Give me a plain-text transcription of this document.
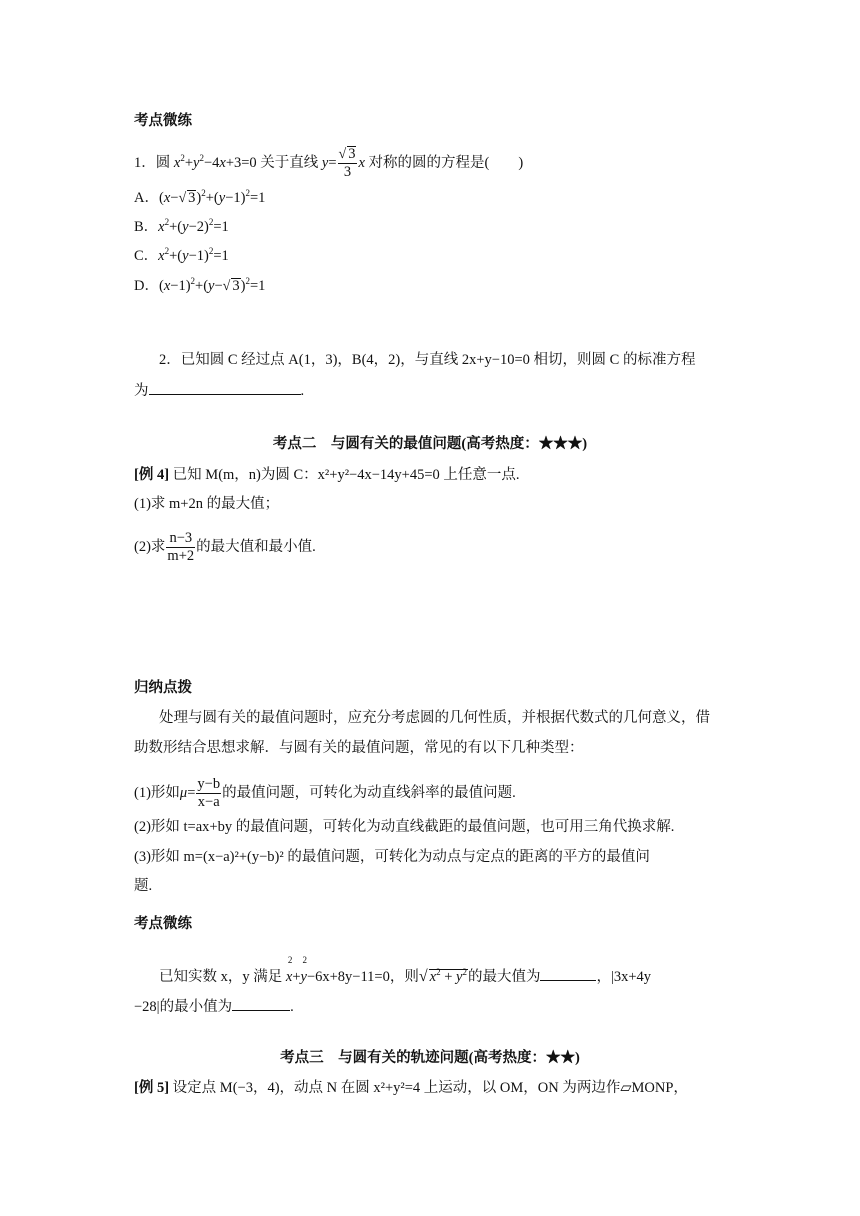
考点微练
1．圆 $x^2+y^2-4x+3=0$ 关于直线 $y= \frac{√ 3}{3}$ x 对称的圆的方程是(　　)
A．(x−√ $3)^2+(y-1)^2=1$
B．$x^2+(y-2)^2=1$
C．$x^2+(y-1)^2=1$
D．$(x-1)^2+(y-√$ 3)$^2$=1
2．已知圆 C 经过点 A(1，3)，B(4，2)，与直线 2x+y−10=0 相切，则圆 C 的标准方程
为	.
考点二　与圆有关的最值问题(高考热度：★★★)
[例 4] 已知 M(m，n)为圆 C：x²+y²−4x−14y+45=0 上任意一点.
(1)求 m+2n 的最大值；
(2)求 $\frac{n-3}{m+2}$ 的最大值和最小值.
归纳点拨
处理与圆有关的最值问题时，应充分考虑圆的几何性质，并根据代数式的几何意义，借
助数形结合思想求解．与圆有关的最值问题，常见的有以下几种类型：
(1)形如$\mu= \frac{y-b}{x-a}$ 的最值问题，可转化为动直线斜率的最值问题.
(2)形如 t=ax+by 的最值问题，可转化为动直线截距的最值问题，也可用三角代换求解.
(3)形如 m=(x−a)²+(y−b)² 的最值问题，可转化为动点与定点的距离的平方的最值问
题.
考点微练
已知实数 x，y 满足 x
2
+y
2
−6x+8y−11=0，则√ $x^2 + y^2$的最大值为	，|3x+4y
−28|的最小值为	.
考点三　与圆有关的轨迹问题(高考热度：★★)
[例 5] 设定点 M(−3，4)，动点 N 在圆 x²+y²=4 上运动，以 OM，ON 为两边作▱MONP，
